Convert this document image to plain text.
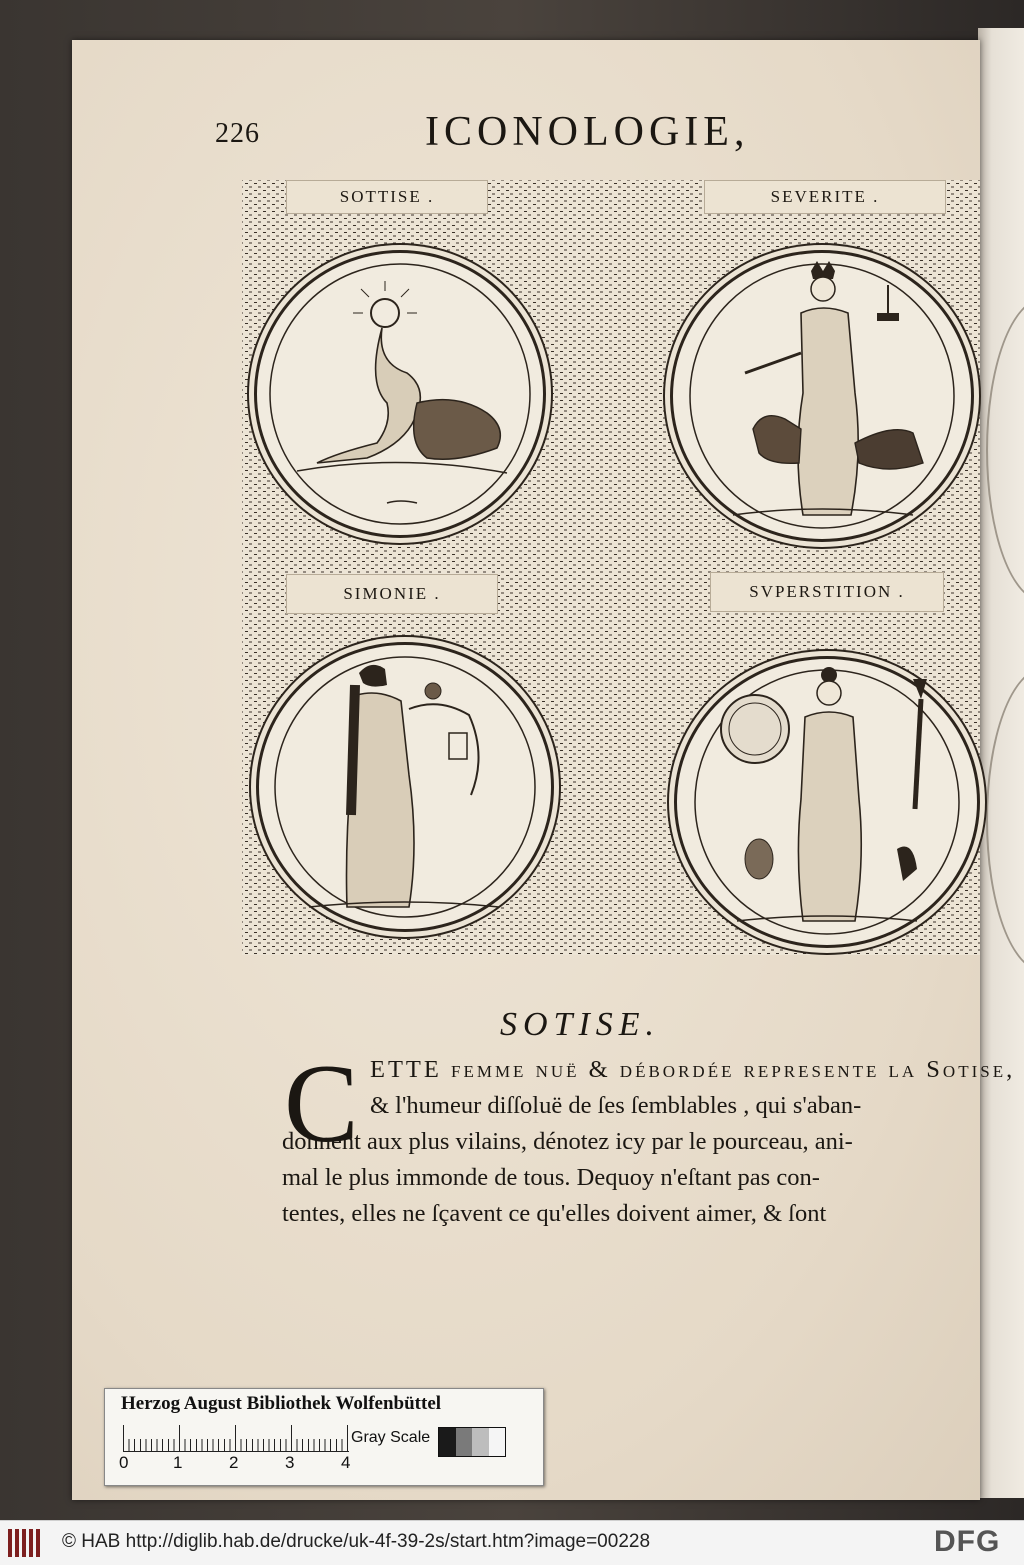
226	ICONOLOGIE,
SOTTISE .	SEVERITE .
SIMONIE .	SVPERSTITION .
SOTISE.
C ETTE femme nuë & débordée repreſente la Sotiſe,
& l'humeur diſſoluë de ſes ſemblables , qui s'aban-
donnent aux plus vilains, dénotez icy par le pourceau, ani-
mal le plus immonde de tous. Dequoy n'eſtant pas con-
tentes, elles ne ſçavent ce qu'elles doivent aimer, & ſont
Herzog August Bibliothek Wolfenbüttel
0	1	2	3	4
Gray Scale
© HAB http://diglib.hab.de/drucke/uk-4f-39-2s/start.htm?image=00228	DFG
